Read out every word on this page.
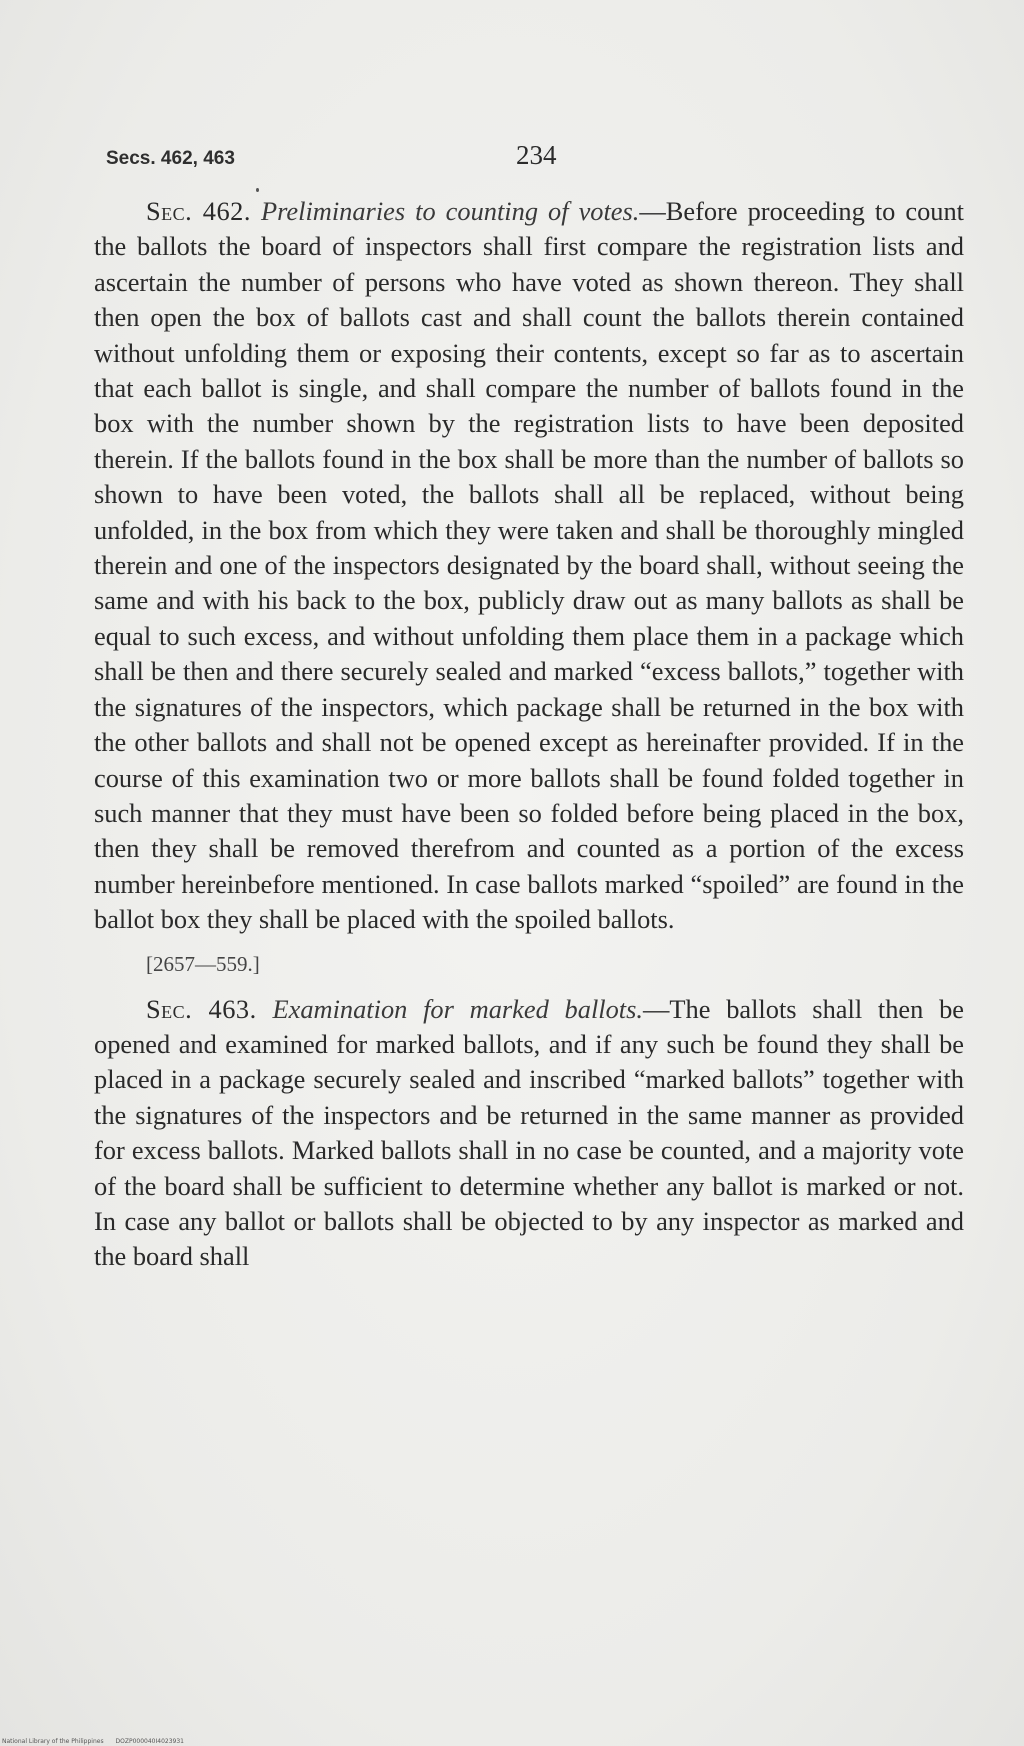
Secs. 462, 463	234

Sec. 462. Preliminaries to counting of votes.—Before proceeding to count the ballots the board of inspectors shall first compare the registration lists and ascertain the number of persons who have voted as shown thereon. They shall then open the box of ballots cast and shall count the ballots therein contained without unfolding them or exposing their contents, except so far as to ascertain that each ballot is single, and shall compare the number of ballots found in the box with the number shown by the registration lists to have been deposited therein. If the ballots found in the box shall be more than the number of ballots so shown to have been voted, the ballots shall all be replaced, without being unfolded, in the box from which they were taken and shall be thoroughly mingled therein and one of the inspectors designated by the board shall, without seeing the same and with his back to the box, publicly draw out as many ballots as shall be equal to such excess, and without unfolding them place them in a package which shall be then and there securely sealed and marked “excess ballots,” together with the signatures of the inspectors, which package shall be returned in the box with the other ballots and shall not be opened except as hereinafter provided. If in the course of this examination two or more ballots shall be found folded together in such manner that they must have been so folded before being placed in the box, then they shall be removed therefrom and counted as a portion of the excess number hereinbefore mentioned. In case ballots marked “spoiled” are found in the ballot box they shall be placed with the spoiled ballots.

[2657—559.]

Sec. 463. Examination for marked ballots.—The ballots shall then be opened and examined for marked ballots, and if any such be found they shall be placed in a package securely sealed and inscribed “marked ballots” together with the signatures of the inspectors and be returned in the same manner as provided for excess ballots. Marked ballots shall in no case be counted, and a majority vote of the board shall be sufficient to determine whether any ballot is marked or not. In case any ballot or ballots shall be objected to by any inspector as marked and the board shall

National Library of the Philippines DOZP000040I4023931
